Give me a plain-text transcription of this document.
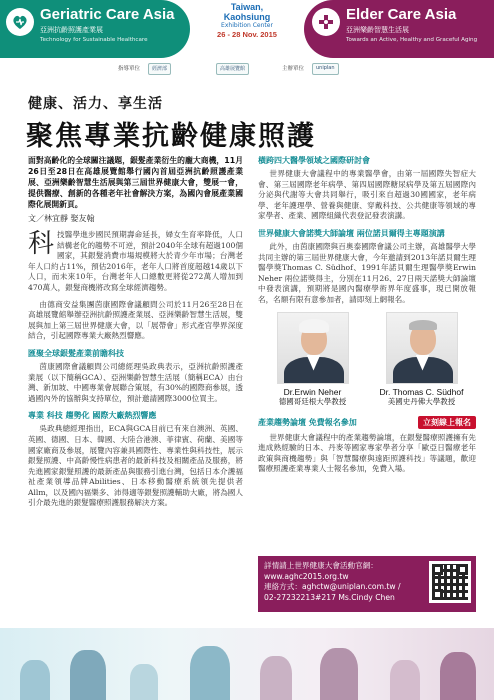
Geriatric Care Asia
亞洲抗齡照護產業展
Technology for Sustainable Healthcare
Taiwan,
Kaohsiung
Exhibition Center
26 - 28 Nov. 2015
Elder Care Asia
亞洲樂齡智慧生活展
Towards an Active, Healthy and Graceful Aging
指導單位	經濟部	高雄展覽館	主辦單位	uniplan
健康、活力、享生活
聚焦專業抗齡健康照護

面對高齡化的全球關注議題，銀髮產業衍生的龐大商機，11月26日至28日在高雄展覽館舉行國內首屆亞洲抗齡照護產業展、亞洲樂齡智慧生活展與第三屆世界健康大會，雙展一會，提供醫療、創新的各種老年社會解決方案，為國內會展產業國際化展開新頁。

文／林宜靜 娶友翰

科技醫學進步國民預期壽命延長，婦女生育率降低，人口結構老化的趨勢不可逆，預計2040年全球有超過100個國家，其銀髮消費市場規模將大於青少年市場；台灣老年人口約占11%，預估2016年，老年人口將首度超越14歲以下人口，而未來10年，台灣老年人口總數更將從272萬人增加到470萬人，銀髮商機將改寫全球經濟趨勢。

由德商安益集團茵康國際會議顧問公司於11月26至28日在高雄展覽館舉辦亞洲抗齡照護產業展、亞洲樂齡智慧生活展，雙展與加上第三屆世界健康大會，以「展帶會」形式產官學界深度結合，引起國際專業大廠熱烈響應。

匯聚全球銀髮產業前瞻科技

茵康國際會議顧問公司總經理吳政典表示，亞洲抗齡照護產業展（以下簡稱GCA）、亞洲樂齡智慧生活展（簡稱ECA）由台灣、新加坡、中國專業會展聯合策展，有30%的國際商參展，透過國內外的協辦與支持單位，預計邀請國際3000位買主。

專業 科技 趨勢化 國際大廠熱烈響應

吳政典總經理指出，ECA與GCA目前已有來自澳洲、英國、英國、德國、日本、韓國、大陸合港澳、菲律賓、荷蘭、美國等國家廠商及參展，展覽內容兼具國際性、專業性與科技性，展示銀髮照護、中高齡慢性病患者的最新科技及相關產品及服務，將先進國家銀髮照護的最新產品與服務引進台灣，包括日本介護福祉產業領導品牌Abilities、日本移動醫療系統領先提供者Allm，以及國內福樂多、沛得適等銀髮照護輔助大廠，將為國人引介最先進的銀髮醫療照護服務解決方案。

橫跨四大醫學領域之國際研討會

世界健康大會議程中的專業醫學會，由第一屆國際失智症大會、第三屆國際老年病學、第四屆國際糖尿病學及第五屆國際內分泌與代謝等大會共同舉行，吸引來自超過30國國家，老年病學、老年護理學、營養與健康、穿戴科技、公共健康等領域的專家學者、產業、國際組織代表登記發表演講。

世界健康大會諾獎大師論壇 兩位諾貝爾得主專題演講

此外，由茵康國際與百奧泰國際會議公司主辦，高雄醫學大學共同主辦的第三屆世界健康大會，今年邀請到2013年諾貝爾生理醫學獎Thomas C. Südhof、1991年諾貝爾生理醫學獎Erwin Neher 兩位諾獎得主，分別在11月26、27日兩天諾獎大師論壇中發表演講，預期將是國內醫療學術界年度盛事，現已開放報名，名額有限有意參加者，請即刻上網報名。

Dr.Erwin Neher
德國哥廷根大學教授
Dr. Thomas C. Südhof
美國史丹佛大學教授
產業趨勢論壇 免費報名參加	立刻線上報名

世界健康大會議程中的產業趨勢論壇，在銀髮醫療照護擁有先進成熟經驗的日本、丹麥等國家專家學者分享「歐亞日醫療老年政策與商機趨勢」與「智慧醫療與遠距照護科技」等議題，歡迎醫療照護產業專業人士報名參加，免費入場。

詳情請上世界健康大會活動官網：
www.aghc2015.org.tw
連絡方式：aghctw@uniplan.com.tw /
02-27232213#217 Ms.Cindy Chen
